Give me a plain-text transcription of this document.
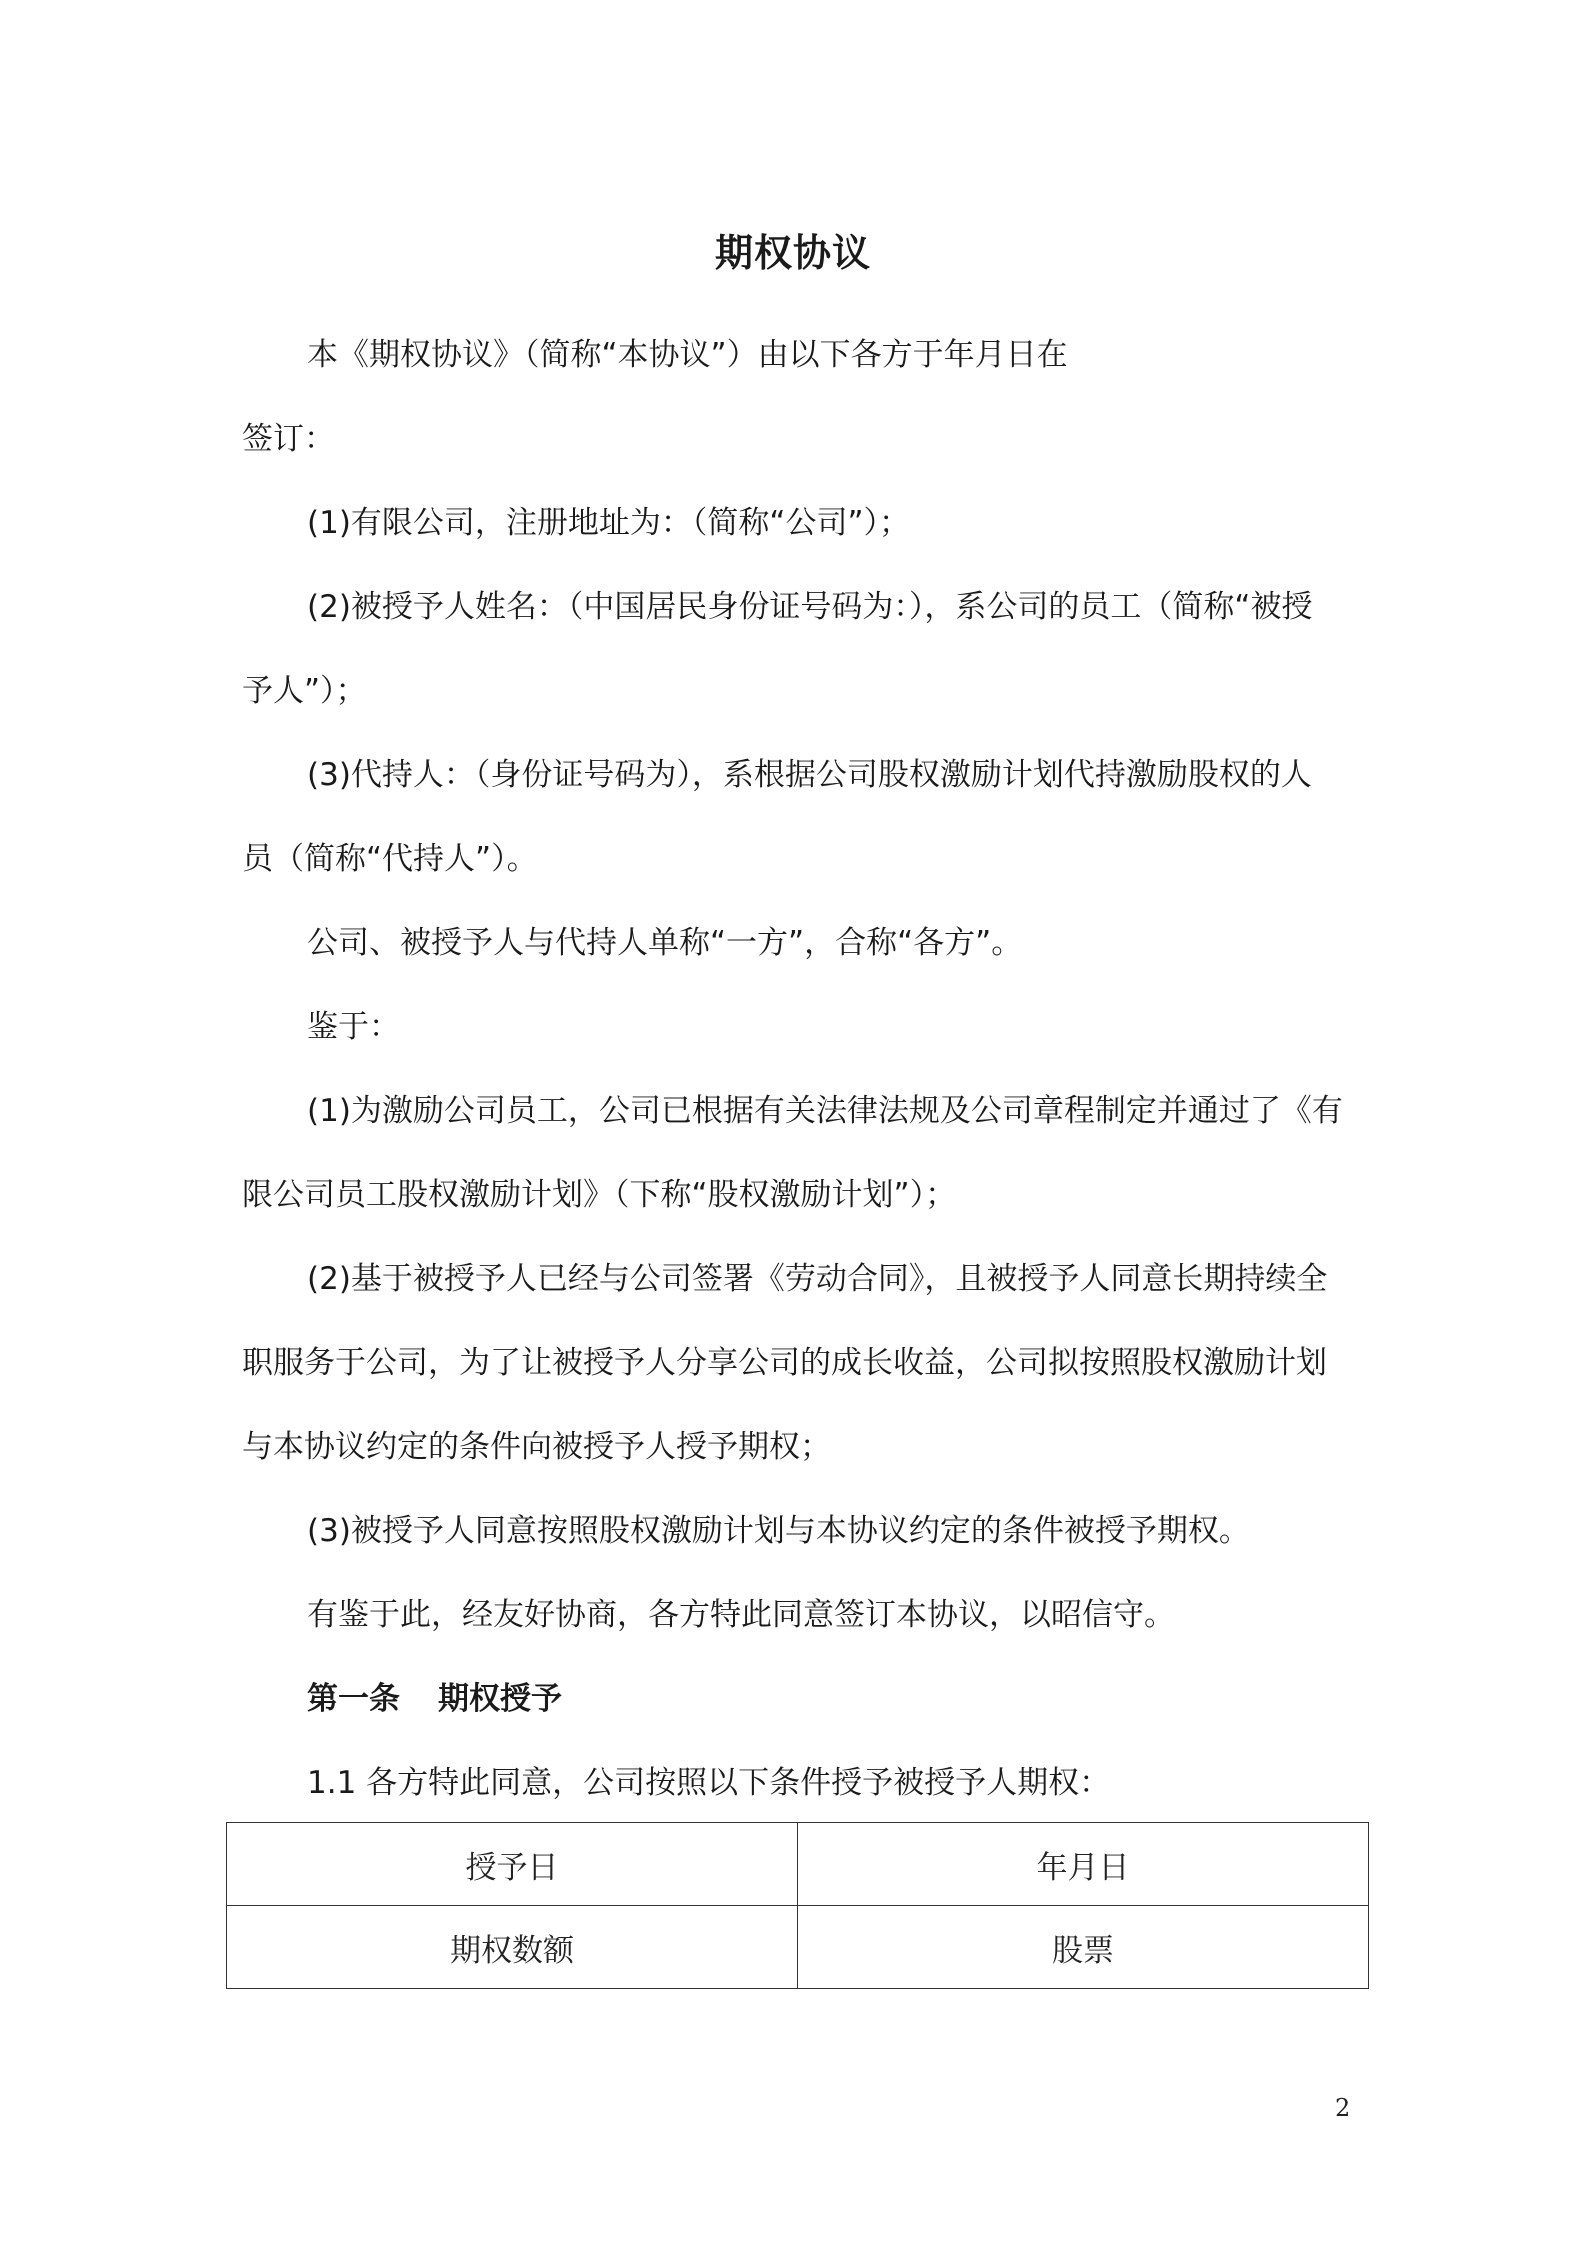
期权协议
本《期权协议》（简称“本协议”）由以下各方于年月日在
签订：
(1)有限公司，注册地址为：（简称“公司”）；
(2)被授予人姓名：（中国居民身份证号码为：），系公司的员工（简称“被授
予人”）；
(3)代持人：（身份证号码为），系根据公司股权激励计划代持激励股权的人
员（简称“代持人”）。
公司、被授予人与代持人单称“一方”，合称“各方”。
鉴于：
(1)为激励公司员工，公司已根据有关法律法规及公司章程制定并通过了《有
限公司员工股权激励计划》（下称“股权激励计划”）；
(2)基于被授予人已经与公司签署《劳动合同》，且被授予人同意长期持续全
职服务于公司，为了让被授予人分享公司的成长收益，公司拟按照股权激励计划
与本协议约定的条件向被授予人授予期权；
(3)被授予人同意按照股权激励计划与本协议约定的条件被授予期权。
有鉴于此，经友好协商，各方特此同意签订本协议，以昭信守。
第一条 期权授予
1.1 各方特此同意，公司按照以下条件授予被授予人期权：
授予日	年月日
期权数额	股票
2
